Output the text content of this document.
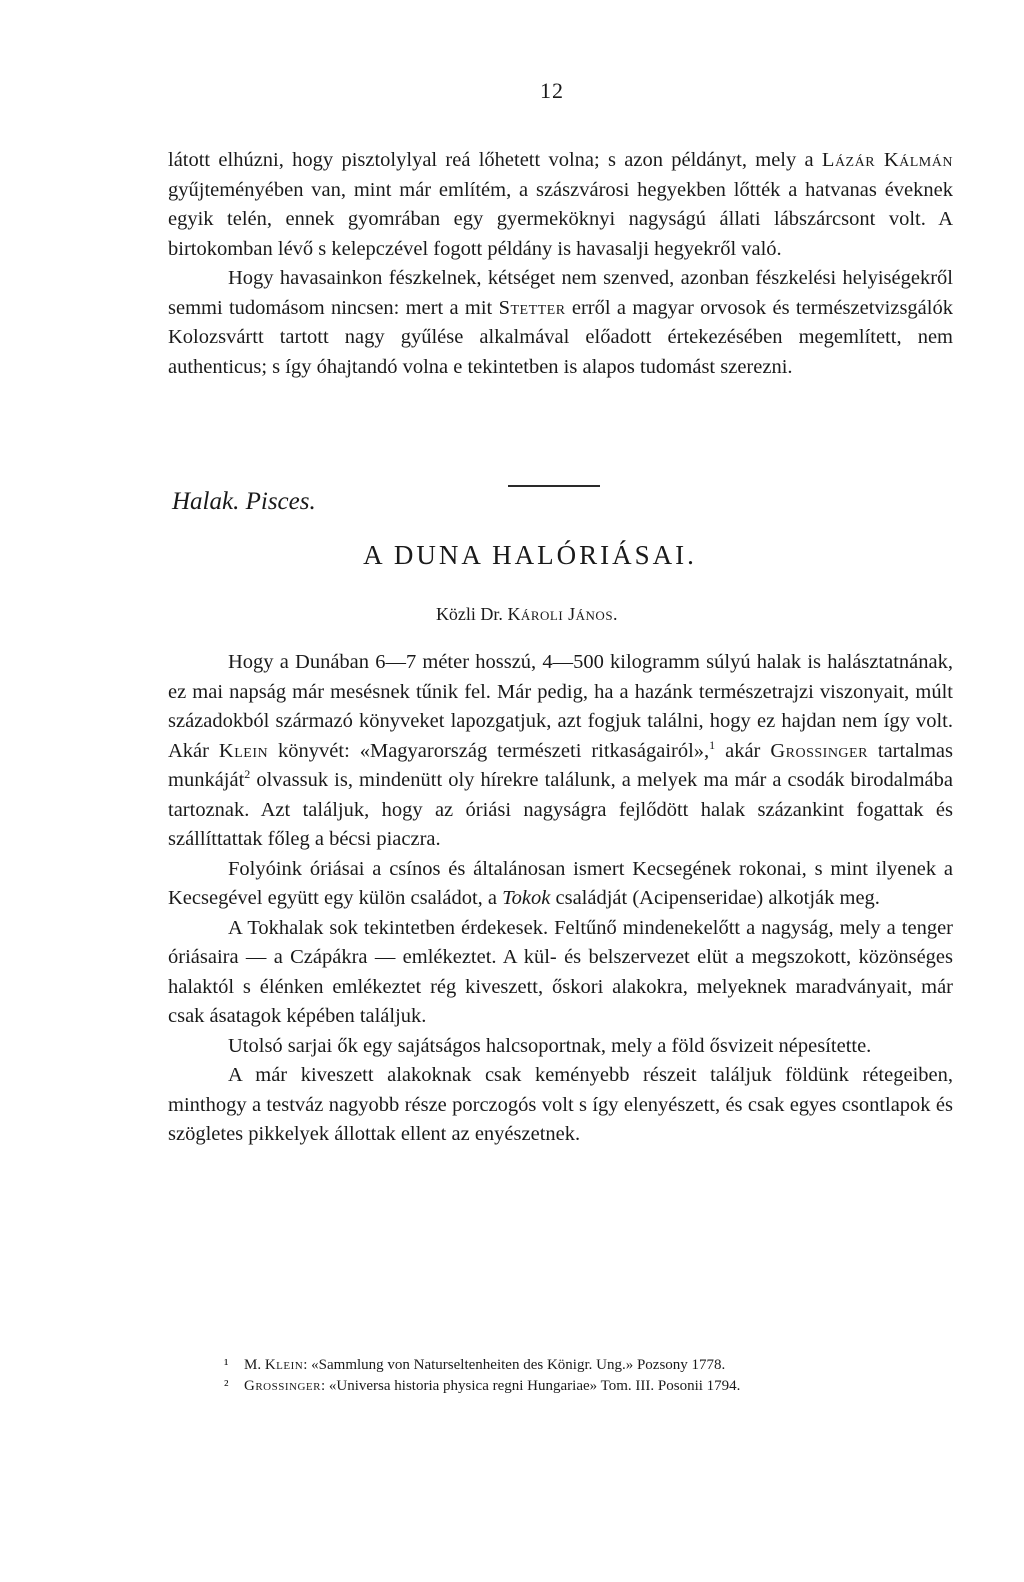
12

látott elhúzni, hogy pisztolylyal reá lőhetett volna; s azon példányt, mely a Lázár Kálmán gyűjteményében van, mint már említém, a szászvárosi hegyekben lőtték a hatvanas éveknek egyik telén, ennek gyomrában egy gyermeköknyi nagyságú állati lábszárcsont volt. A birtokomban lévő s kelepczével fogott példány is havasalji hegyekről való.

Hogy havasainkon fészkelnek, kétséget nem szenved, azonban fészkelési helyiségekről semmi tudomásom nincsen: mert a mit Stetter erről a magyar orvosok és természetvizsgálók Kolozsvártt tartott nagy gyűlése alkalmával előadott értekezésében megemlített, nem authenticus; s így óhajtandó volna e tekintetben is alapos tudomást szerezni.

Halak. Pisces.
A DUNA HALÓRIÁSAI.
Közli Dr. Károli János.

Hogy a Dunában 6—7 méter hosszú, 4—500 kilogramm súlyú halak is halásztatnának, ez mai napság már mesésnek tűnik fel. Már pedig, ha a hazánk természetrajzi viszonyait, múlt századokból származó könyveket lapozgatjuk, azt fogjuk találni, hogy ez hajdan nem így volt. Akár Klein könyvét: «Magyarország természeti ritkaságairól»,$^1$ akár Grossinger tartalmas munkáját$^2$ olvassuk is, mindenütt oly hírekre találunk, a melyek ma már a csodák birodalmába tartoznak. Azt találjuk, hogy az óriási nagyságra fejlődött halak százankint fogattak és szállíttattak főleg a bécsi piaczra.

Folyóink óriásai a csínos és általánosan ismert Kecsegének rokonai, s mint ilyenek a Kecsegével együtt egy külön családot, a Tokok családját (Acipenseridae) alkotják meg.

A Tokhalak sok tekintetben érdekesek. Feltűnő mindenekelőtt a nagyság, mely a tenger óriásaira — a Czápákra — emlékeztet. A kül- és belszervezet elüt a megszokott, közönséges halaktól s élénken emlékeztet rég kiveszett, őskori alakokra, melyeknek maradványait, már csak ásatagok képében találjuk.

Utolsó sarjai ők egy sajátságos halcsoportnak, mely a föld ősvizeit népesítette.

A már kiveszett alakoknak csak keményebb részeit találjuk földünk rétegeiben, minthogy a testváz nagyobb része porczogós volt s így elenyészett, és csak egyes csontlapok és szögletes pikkelyek állottak ellent az enyészetnek.

¹ M. Klein: «Sammlung von Naturseltenheiten des Königr. Ung.» Pozsony 1778.
² Grossinger: «Universa historia physica regni Hungariae» Tom. III. Posonii 1794.
